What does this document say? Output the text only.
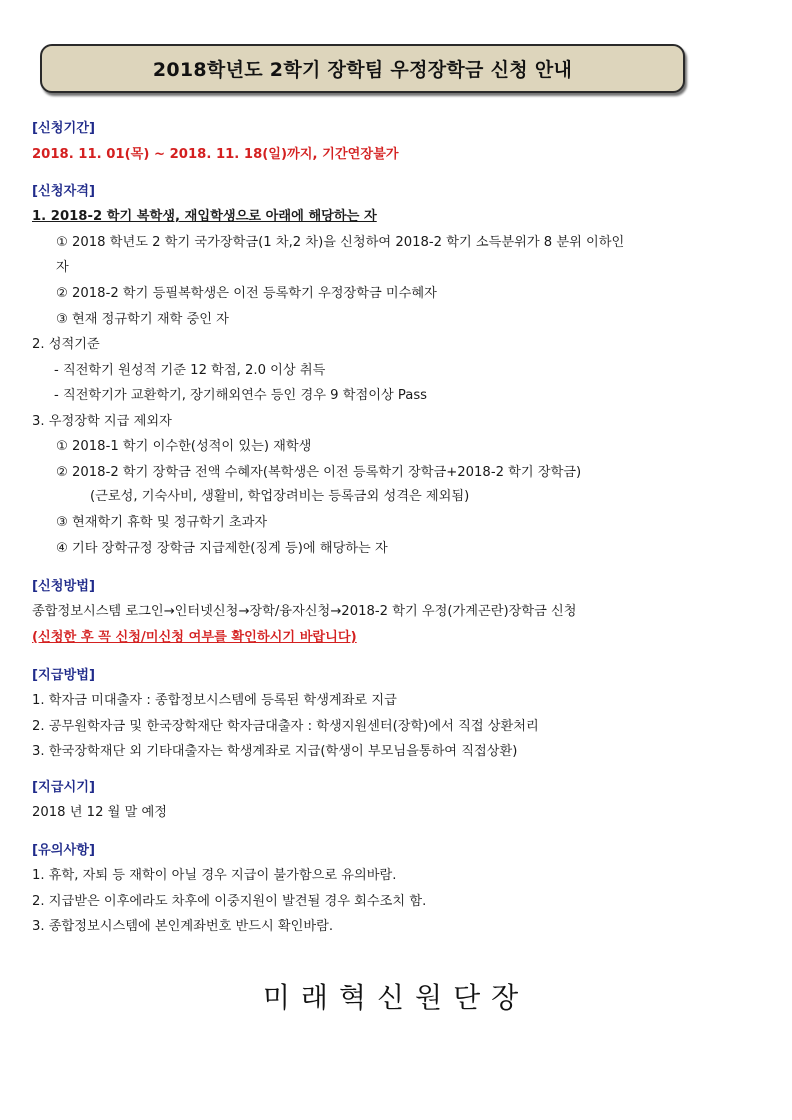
2018학년도 2학기 장학팀 우정장학금 신청 안내
[신청기간]
2018. 11. 01(목) ~ 2018. 11. 18(일)까지, 기간연장불가
[신청자격]
1. 2018-2 학기 복학생, 재입학생으로 아래에 해당하는 자
① 2018 학년도 2 학기 국가장학금(1 차,2 차)을 신청하여 2018-2 학기 소득분위가 8 분위 이하인
자
② 2018-2 학기 등필복학생은 이전 등록학기 우정장학금 미수혜자
③ 현재 정규학기 재학 중인 자
2. 성적기준
- 직전학기 원성적 기준 12 학점, 2.0 이상 취득
- 직전학기가 교환학기, 장기해외연수 등인 경우 9 학점이상 Pass
3. 우정장학 지급 제외자
① 2018-1 학기 이수한(성적이 있는) 재학생
② 2018-2 학기 장학금 전액 수혜자(복학생은 이전 등록학기 장학금+2018-2 학기 장학금)
(근로성, 기숙사비, 생활비, 학업장려비는 등록금외 성격은 제외됨)
③ 현재학기 휴학 및 정규학기 초과자
④ 기타 장학규정 장학금 지급제한(징계 등)에 해당하는 자
[신청방법]
종합정보시스템 로그인→인터넷신청→장학/융자신청→2018-2 학기 우정(가계곤란)장학금 신청
(신청한 후 꼭 신청/미신청 여부를 확인하시기 바랍니다)
[지급방법]
1. 학자금 미대출자 : 종합정보시스템에 등록된 학생계좌로 지급
2. 공무원학자금 및 한국장학재단 학자금대출자 : 학생지원센터(장학)에서 직접 상환처리
3. 한국장학재단 외 기타대출자는 학생계좌로 지급(학생이 부모님을통하여 직접상환)
[지급시기]
2018 년 12 월 말 예정
[유의사항]
1. 휴학, 자퇴 등 재학이 아닐 경우 지급이 불가함으로 유의바람.
2. 지급받은 이후에라도 차후에 이중지원이 발견될 경우 회수조치 함.
3. 종합정보시스템에 본인계좌번호 반드시 확인바람.
미래혁신원단장
